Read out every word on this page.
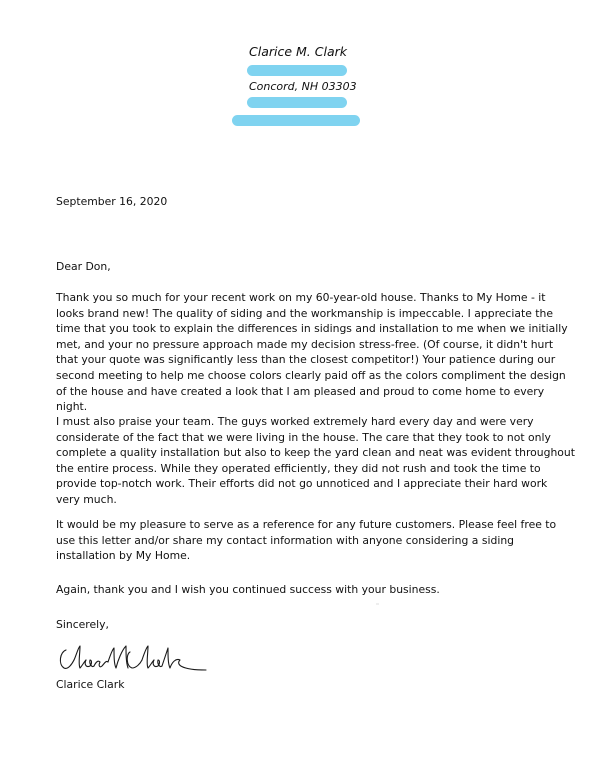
Clarice M. Clark
Concord, NH 03303
September 16, 2020
Dear Don,
Thank you so much for your recent work on my 60-year-old house. Thanks to My Home - it
looks brand new! The quality of siding and the workmanship is impeccable. I appreciate the
time that you took to explain the differences in sidings and installation to me when we initially
met, and your no pressure approach made my decision stress-free. (Of course, it didn't hurt
that your quote was significantly less than the closest competitor!) Your patience during our
second meeting to help me choose colors clearly paid off as the colors compliment the design
of the house and have created a look that I am pleased and proud to come home to every night.
I must also praise your team. The guys worked extremely hard every day and were very
considerate of the fact that we were living in the house. The care that they took to not only
complete a quality installation but also to keep the yard clean and neat was evident throughout
the entire process. While they operated efficiently, they did not rush and took the time to
provide top-notch work. Their efforts did not go unnoticed and I appreciate their hard work
very much.
It would be my pleasure to serve as a reference for any future customers. Please feel free to
use this letter and/or share my contact information with anyone considering a siding
installation by My Home.
Again, thank you and I wish you continued success with your business.
Sincerely,
Clarice Clark
